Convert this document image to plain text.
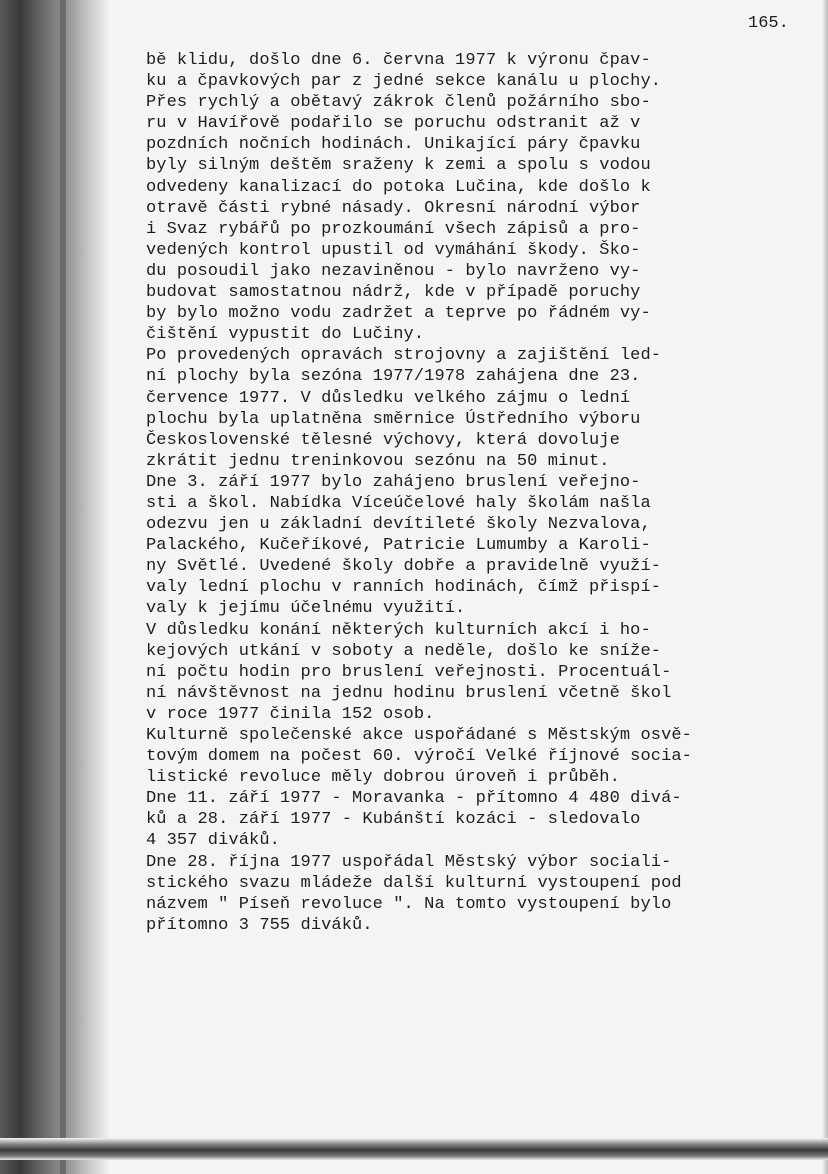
165.
bě klidu, došlo dne 6. června 1977 k výronu čpav-
ku a čpavkových par z jedné sekce kanálu u plochy.
Přes rychlý a obětavý zákrok členů požárního sbo-
ru v Havířově podařilo se poruchu odstranit až v
pozdních nočních hodinách. Unikající páry čpavku
byly silným deštěm sraženy k zemi a spolu s vodou
odvedeny kanalizací do potoka Lučina, kde došlo k
otravě části rybné násady. Okresní národní výbor
i Svaz rybářů po prozkoumání všech zápisů a pro-
vedených kontrol upustil od vymáhání škody. Ško-
du posoudil jako nezaviněnou - bylo navrženo vy-
budovat samostatnou nádrž, kde v případě poruchy
by bylo možno vodu zadržet a teprve po řádném vy-
čištění vypustit do Lučiny.
Po provedených opravách strojovny a zajištění led-
ní plochy byla sezóna 1977/1978 zahájena dne 23.
července 1977. V důsledku velkého zájmu o lední
plochu byla uplatněna směrnice Ústředního výboru
Československé tělesné výchovy, která dovoluje
zkrátit jednu treninkovou sezónu na 50 minut.
Dne 3. září 1977 bylo zahájeno bruslení veřejno-
sti a škol. Nabídka Víceúčelové haly školám našla
odezvu jen u základní devítileté školy Nezvalova,
Palackého, Kučeříkové, Patricie Lumumby a Karoli-
ny Světlé. Uvedené školy dobře a pravidelně využí-
valy lední plochu v ranních hodinách, čímž přispí-
valy k jejímu účelnému využití.
V důsledku konání některých kulturních akcí i ho-
kejových utkání v soboty a neděle, došlo ke sníže-
ní počtu hodin pro bruslení veřejnosti. Procentuál-
ní návštěvnost na jednu hodinu bruslení včetně škol
v roce 1977 činila 152 osob.
Kulturně společenské akce uspořádané s Městským osvě-
tovým domem na počest 60. výročí Velké říjnové socia-
listické revoluce měly dobrou úroveň i průběh.
Dne 11. září 1977 - Moravanka - přítomno 4 480 divá-
ků a 28. září 1977 - Kubánští kozáci - sledovalo
4 357 diváků.
Dne 28. října 1977 uspořádal Městský výbor sociali-
stického svazu mládeže další kulturní vystoupení pod
názvem " Píseň revoluce ". Na tomto vystoupení bylo
přítomno 3 755 diváků.
